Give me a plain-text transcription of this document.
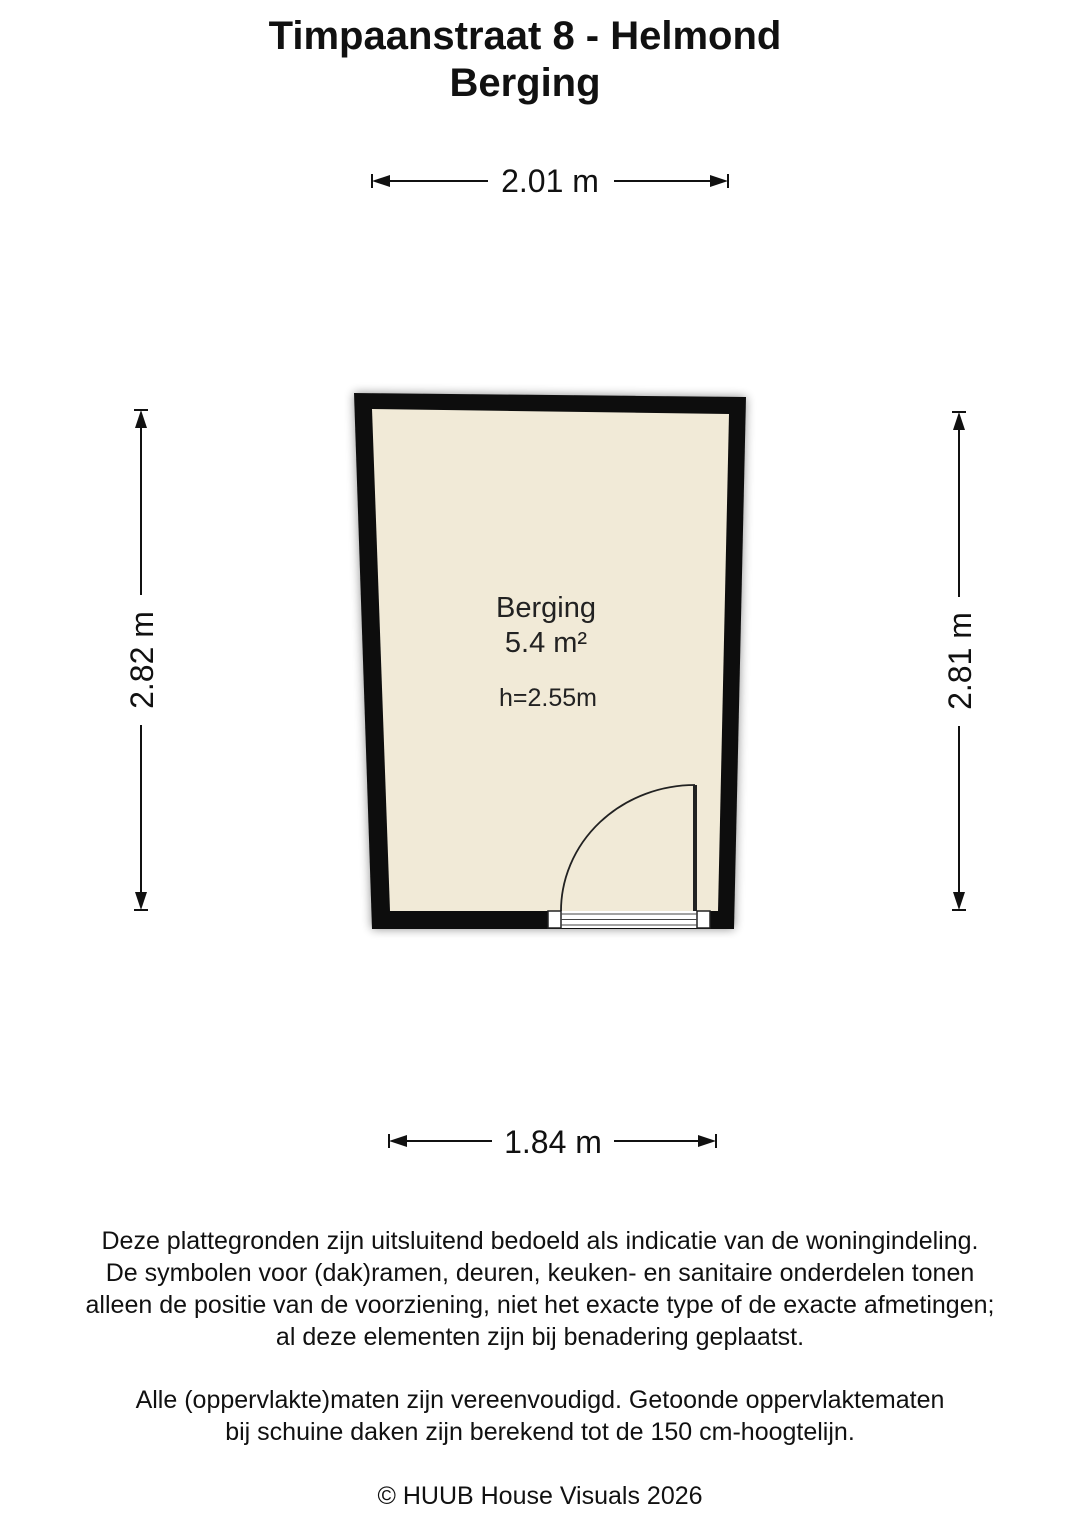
Timpaanstraat 8 - Helmond
Berging
2.01 m
1.84 m
2.82 m	2.81 m
Berging
5.4 m²
h=2.55m
Deze plattegronden zijn uitsluitend bedoeld als indicatie van de woningindeling.
De symbolen voor (dak)ramen, deuren, keuken- en sanitaire onderdelen tonen
alleen de positie van de voorziening, niet het exacte type of de exacte afmetingen;
al deze elementen zijn bij benadering geplaatst.
Alle (oppervlakte)maten zijn vereenvoudigd. Getoonde oppervlaktematen
bij schuine daken zijn berekend tot de 150 cm-hoogtelijn.
© HUUB House Visuals 2026
